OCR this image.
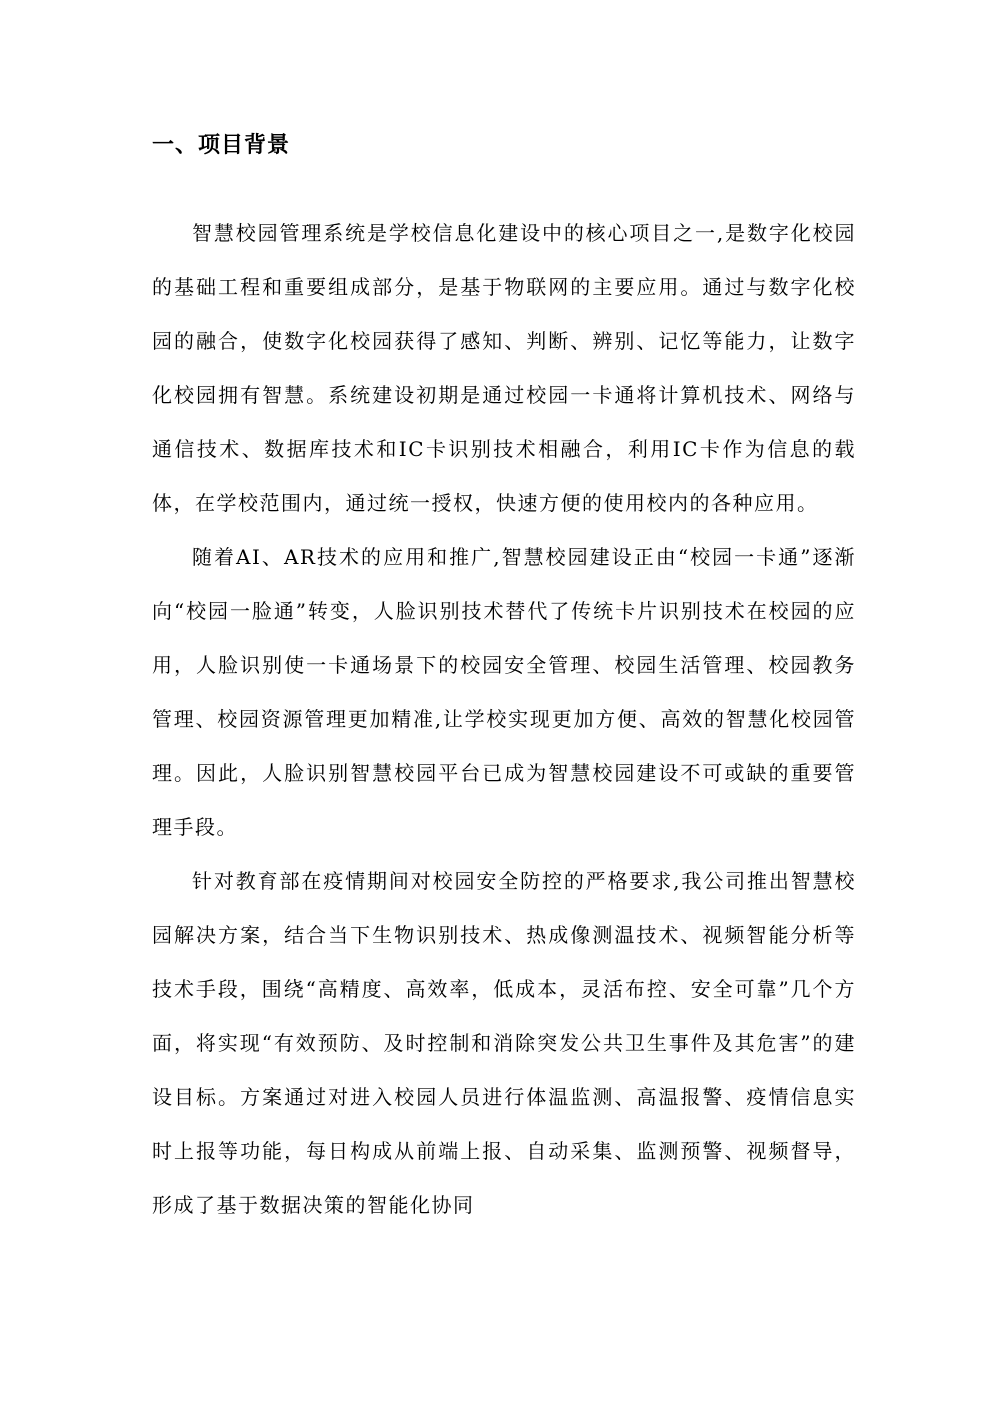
一、项目背景

智慧校园管理系统是学校信息化建设中的核心项目之一,是数字化校园的基础工程和重要组成部分，是基于物联网的主要应用。通过与数字化校园的融合，使数字化校园获得了感知、判断、辨别、记忆等能力，让数字化校园拥有智慧。系统建设初期是通过校园一卡通将计算机技术、网络与通信技术、数据库技术和IC卡识别技术相融合，利用IC卡作为信息的载体，在学校范围内，通过统一授权，快速方便的使用校内的各种应用。

随着AI、AR技术的应用和推广,智慧校园建设正由“校园一卡通”逐渐向“校园一脸通”转变，人脸识别技术替代了传统卡片识别技术在校园的应用，人脸识别使一卡通场景下的校园安全管理、校园生活管理、校园教务管理、校园资源管理更加精准,让学校实现更加方便、高效的智慧化校园管理。因此，人脸识别智慧校园平台已成为智慧校园建设不可或缺的重要管理手段。

针对教育部在疫情期间对校园安全防控的严格要求,我公司推出智慧校园解决方案，结合当下生物识别技术、热成像测温技术、视频智能分析等技术手段，围绕“高精度、高效率，低成本，灵活布控、安全可靠”几个方面，将实现“有效预防、及时控制和消除突发公共卫生事件及其危害”的建设目标。方案通过对进入校园人员进行体温监测、高温报警、疫情信息实时上报等功能，每日构成从前端上报、自动采集、监测预警、视频督导，形成了基于数据决策的智能化协同
